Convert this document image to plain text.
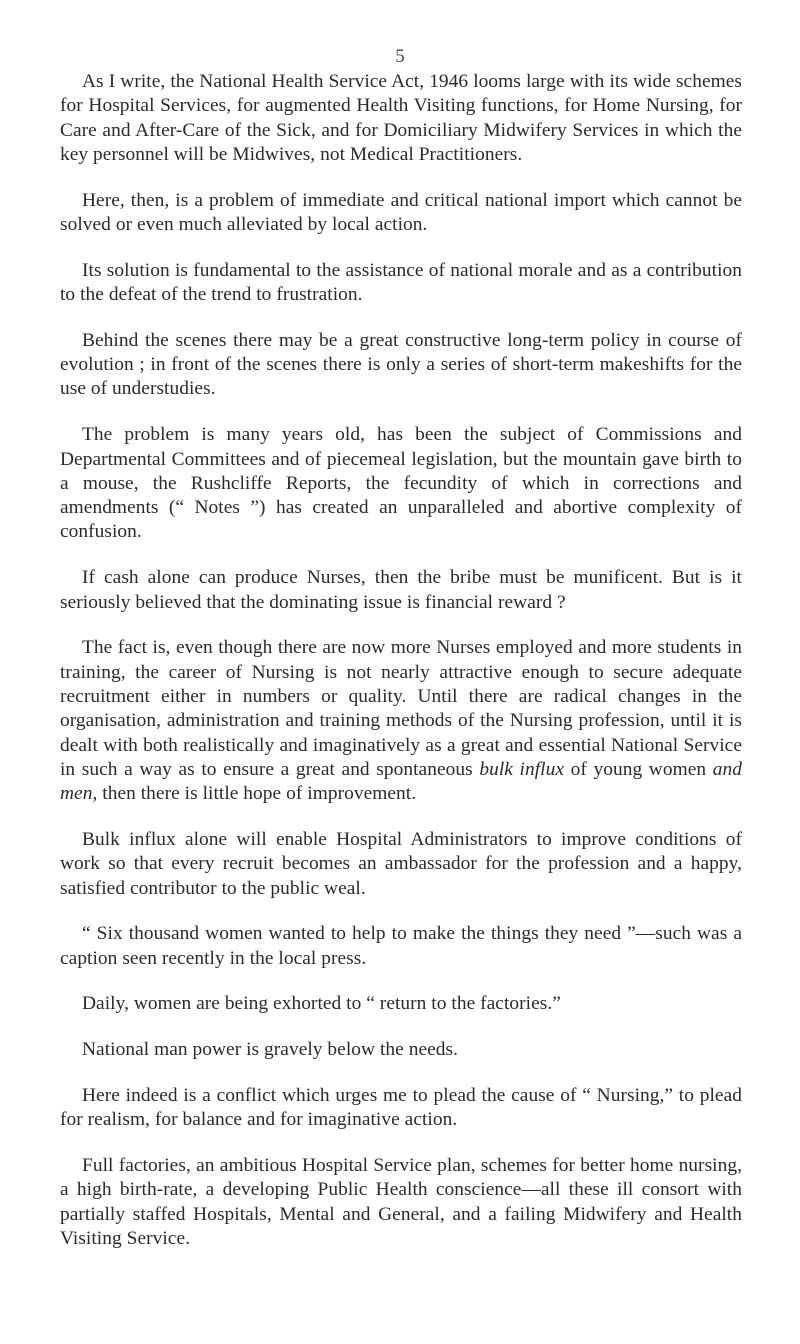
5

As I write, the National Health Service Act, 1946 looms large with its wide schemes for Hospital Services, for augmented Health Visiting functions, for Home Nursing, for Care and After-Care of the Sick, and for Domiciliary Midwifery Services in which the key personnel will be Midwives, not Medical Practitioners.

Here, then, is a problem of immediate and critical national import which cannot be solved or even much alleviated by local action.

Its solution is fundamental to the assistance of national morale and as a contribution to the defeat of the trend to frustration.

Behind the scenes there may be a great constructive long-term policy in course of evolution ; in front of the scenes there is only a series of short-term makeshifts for the use of understudies.

The problem is many years old, has been the subject of Commissions and Departmental Committees and of piecemeal legislation, but the mountain gave birth to a mouse, the Rushcliffe Reports, the fecundity of which in corrections and amendments (“ Notes ”) has created an unparalleled and abortive complexity of confusion.

If cash alone can produce Nurses, then the bribe must be munificent. But is it seriously believed that the dominating issue is financial reward ?

The fact is, even though there are now more Nurses employed and more students in training, the career of Nursing is not nearly attractive enough to secure adequate recruitment either in numbers or quality. Until there are radical changes in the organisation, administration and training methods of the Nursing profession, until it is dealt with both realistically and imaginatively as a great and essential National Service in such a way as to ensure a great and spontaneous bulk influx of young women and men, then there is little hope of improvement.

Bulk influx alone will enable Hospital Administrators to improve conditions of work so that every recruit becomes an ambassador for the profession and a happy, satisfied contributor to the public weal.

“ Six thousand women wanted to help to make the things they need ”—such was a caption seen recently in the local press.

Daily, women are being exhorted to “ return to the factories.”

National man power is gravely below the needs.

Here indeed is a conflict which urges me to plead the cause of “ Nursing,” to plead for realism, for balance and for imaginative action.

Full factories, an ambitious Hospital Service plan, schemes for better home nursing, a high birth-rate, a developing Public Health conscience—all these ill consort with partially staffed Hospitals, Mental and General, and a failing Midwifery and Health Visiting Service.
